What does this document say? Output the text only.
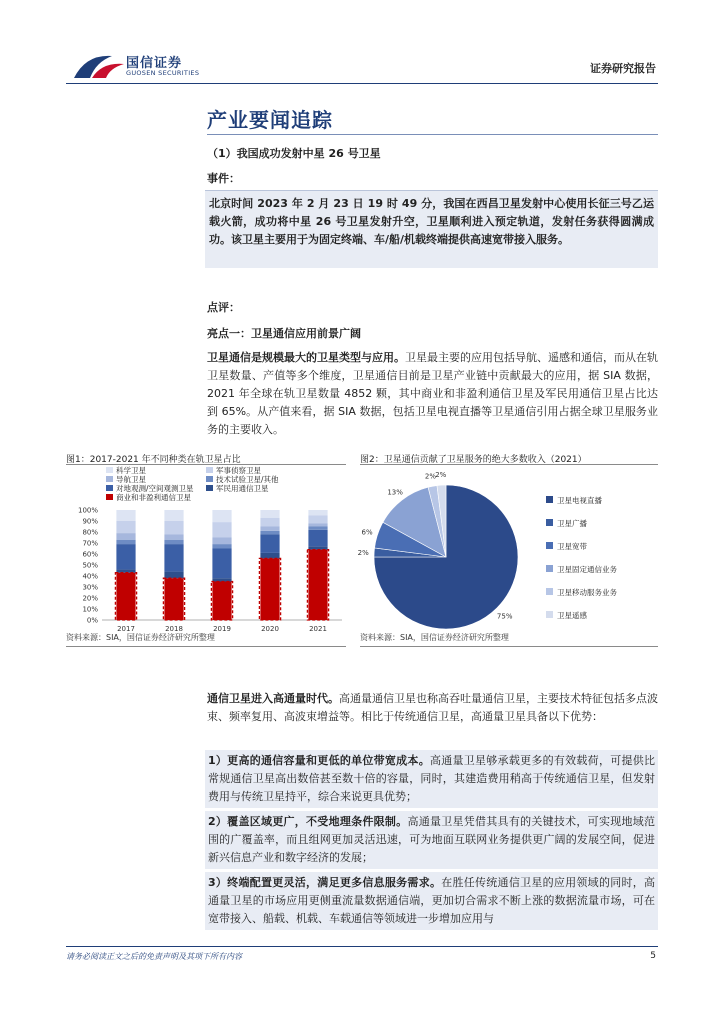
国信证券
GUOSEN SECURITIES	证券研究报告
产业要闻追踪
（1）我国成功发射中星 26 号卫星
事件：
北京时间 2023 年 2 月 23 日 19 时 49 分，我国在西昌卫星发射中心使用长征三号乙运载火箭，成功将中星 26 号卫星发射升空，卫星顺利进入预定轨道，发射任务获得圆满成功。该卫星主要用于为固定终端、车/船/机载终端提供高速宽带接入服务。
点评：
亮点一：卫星通信应用前景广阔
卫星通信是规模最大的卫星类型与应用。卫星最主要的应用包括导航、遥感和通信，而从在轨卫星数量、产值等多个维度，卫星通信目前是卫星产业链中贡献最大的应用，据 SIA 数据，2021 年全球在轨卫星数量 4852 颗，其中商业和非盈利通信卫星及军民用通信卫星占比达到 65%。从产值来看，据 SIA 数据，包括卫星电视直播等卫星通信引用占据全球卫星服务业务的主要收入。
图1：2017-2021 年不同种类在轨卫星占比
科学卫星	军事侦察卫星
导航卫星	技术试验卫星/其他
对地观测/空间观测卫星	军民用通信卫星
商业和非盈利通信卫星
0%
10%
20%
30%
40%
50%
60%
70%
80%
90%
100%
2017	2018	2019	2020	2021
资料来源：SIA，国信证券经济研究所整理
图2：卫星通信贡献了卫星服务的绝大多数收入（2021）
75%
2%
6%
13%
2% 2%
卫星电视直播
卫星广播
卫星宽带
卫星固定通信业务
卫星移动服务业务
卫星遥感
资料来源：SIA，国信证券经济研究所整理
通信卫星进入高通量时代。高通量通信卫星也称高吞吐量通信卫星，主要技术特征包括多点波束、频率复用、高波束增益等。相比于传统通信卫星，高通量卫星具备以下优势：
1）更高的通信容量和更低的单位带宽成本。高通量卫星够承载更多的有效载荷，可提供比常规通信卫星高出数倍甚至数十倍的容量，同时，其建造费用稍高于传统通信卫星，但发射费用与传统卫星持平，综合来说更具优势；
2）覆盖区域更广，不受地理条件限制。高通量卫星凭借其具有的关键技术，可实现地域范围的广覆盖率，而且组网更加灵活迅速，可为地面互联网业务提供更广阔的发展空间，促进新兴信息产业和数字经济的发展；
3）终端配置更灵活，满足更多信息服务需求。在胜任传统通信卫星的应用领域的同时，高通量卫星的市场应用更侧重流量数据通信端，更加切合需求不断上涨的数据流量市场，可在宽带接入、船载、机载、车载通信等领域进一步增加应用与
请务必阅读正文之后的免责声明及其项下所有内容	5
